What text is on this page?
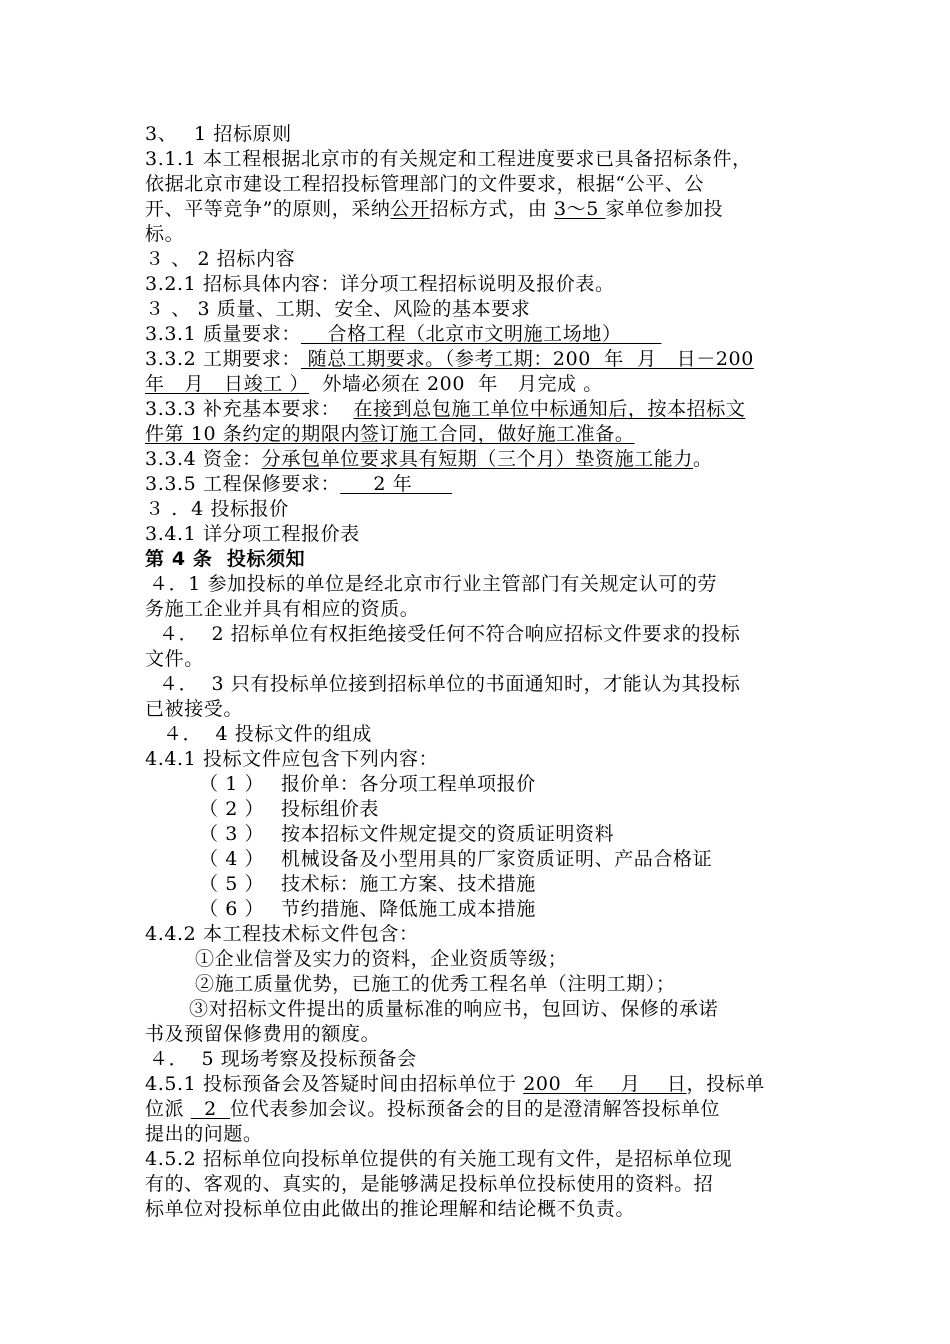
3、　 1 招标原则
3.1.1 本工程根据北京市的有关规定和工程进度要求已具备招标条件，
依据北京市建设工程招投标管理部门的文件要求，根据“公平、公
开、平等竞争”的原则，采纳公开招标方式，由 3～5 家单位参加投
标。
３ 、 2 招标内容
3.2.1 招标具体内容：详分项工程招标说明及报价表。
３ 、 3 质量、工期、安全、风险的基本要求
3.3.1 质量要求：    合格工程（北京市文明施工场地）
3.3.2 工期要求： 随总工期要求。（参考工期：200  年  月   日－200
年   月   日竣工 ）  外墙必须在 200  年   月完成 。
3.3.3 补充基本要求：  在接到总包施工单位中标通知后，按本招标文
件第 10 条约定的期限内签订施工合同，做好施工准备。
3.3.4 资金：分承包单位要求具有短期（三个月）垫资施工能力。
3.3.5 工程保修要求：     2 年
３ .  4 投标报价
3.4.1 详分项工程报价表
第 4 条  投标须知
４．1 参加投标的单位是经北京市行业主管部门有关规定认可的劳
务施工企业并具有相应的资质。
４．  2 招标单位有权拒绝接受任何不符合响应招标文件要求的投标
文件。
４．  3 只有投标单位接到招标单位的书面通知时，才能认为其投标
已被接受。
４．  4 投标文件的组成
4.4.1 投标文件应包含下列内容：
（ 1 ） 报价单：各分项工程单项报价
（ 2 ） 投标组价表
（ 3 ） 按本招标文件规定提交的资质证明资料
（ 4 ） 机械设备及小型用具的厂家资质证明、产品合格证
（ 5 ） 技术标：施工方案、技术措施
（ 6 ） 节约措施、降低施工成本措施
4.4.2 本工程技术标文件包含：
①企业信誉及实力的资料，企业资质等级；
②施工质量优势，已施工的优秀工程名单（注明工期）；
③对招标文件提出的质量标准的响应书，包回访、保修的承诺
书及预留保修费用的额度。
４．  5 现场考察及投标预备会
4.5.1 投标预备会及答疑时间由招标单位于 200  年    月    日，投标单
位派   2  位代表参加会议。投标预备会的目的是澄清解答投标单位
提出的问题。
4.5.2 招标单位向投标单位提供的有关施工现有文件，是招标单位现
有的、客观的、真实的，是能够满足投标单位投标使用的资料。招
标单位对投标单位由此做出的推论理解和结论概不负责。
